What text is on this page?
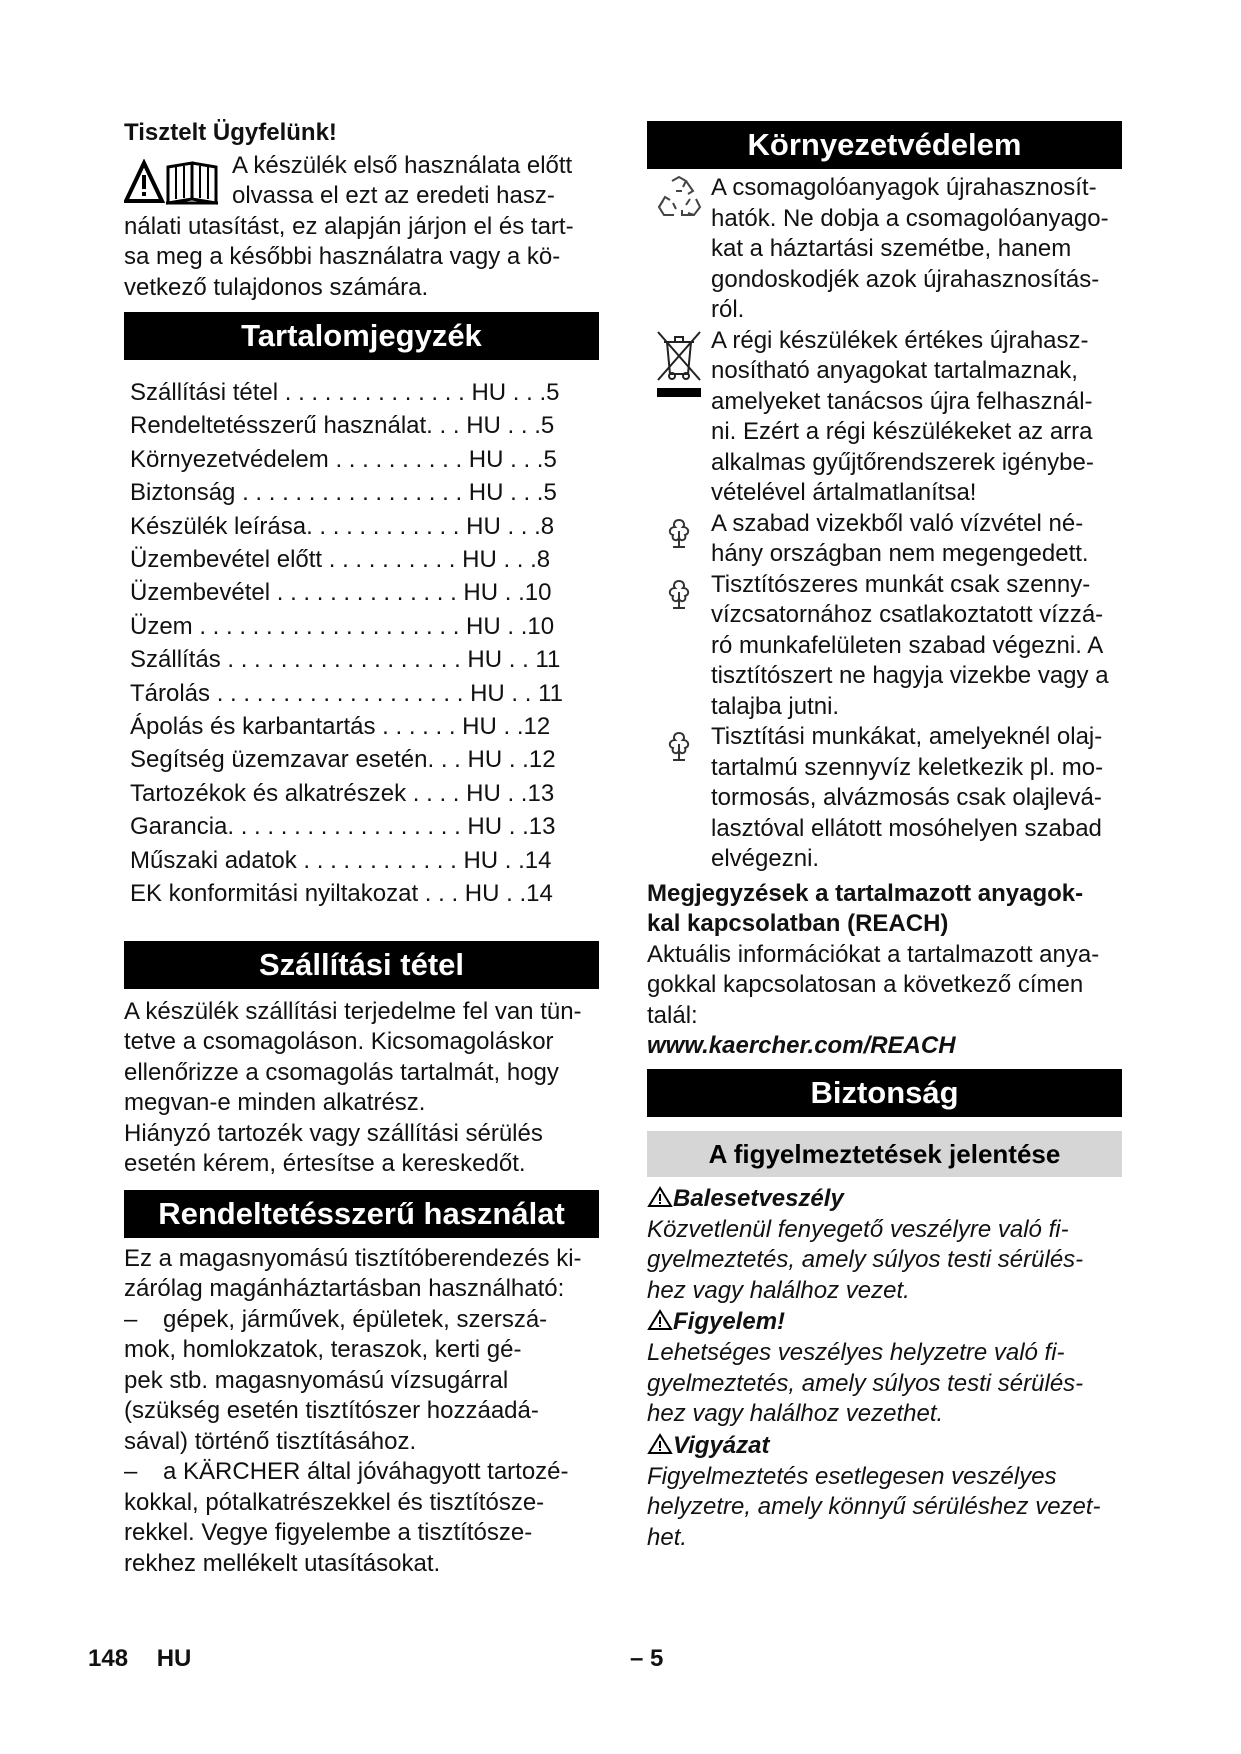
Tisztelt Ügyfelünk!

A készülék első használata előtt

olvassa el ezt az eredeti hasz-

nálati utasítást, ez alapján járjon el és tart-

sa meg a későbbi használatra vagy a kö-

vetkező tulajdonos számára.

Tartalomjegyzék
Szállítási tétel . . . . . . . . . . . . . . HU . . .5
Rendeltetésszerű használat. . . HU . . .5
Környezetvédelem . . . . . . . . . . HU . . .5
Biztonság . . . . . . . . . . . . . . . . . HU . . .5
Készülék leírása. . . . . . . . . . . . HU . . .8
Üzembevétel előtt . . . . . . . . . . HU . . .8
Üzembevétel . . . . . . . . . . . . . . HU . .10
Üzem . . . . . . . . . . . . . . . . . . . . HU . .10
Szállítás . . . . . . . . . . . . . . . . . . HU . . 11
Tárolás . . . . . . . . . . . . . . . . . . . HU . . 11
Ápolás és karbantartás . . . . . . HU . .12
Segítség üzemzavar esetén. . . HU . .12
Tartozékok és alkatrészek . . . . HU . .13
Garancia. . . . . . . . . . . . . . . . . . HU . .13
Műszaki adatok . . . . . . . . . . . . HU . .14
EK konformitási nyiltakozat . . . HU . .14
Szállítási tétel

A készülék szállítási terjedelme fel van tün-

tetve a csomagoláson. Kicsomagoláskor

ellenőrizze a csomagolás tartalmát, hogy

megvan-e minden alkatrész.

Hiányzó tartozék vagy szállítási sérülés

esetén kérem, értesítse a kereskedőt.

Rendeltetésszerű használat

Ez a magasnyomású tisztítóberendezés ki-

zárólag magánháztartásban használható:

– gépek, járművek, épületek, szerszá-

mok, homlokzatok, teraszok, kerti gé-

pek stb. magasnyomású vízsugárral

(szükség esetén tisztítószer hozzáadá-

sával) történő tisztításához.

– a KÄRCHER által jóváhagyott tartozé-

kokkal, pótalkatrészekkel és tisztítósze-

rekkel. Vegye figyelembe a tisztítósze-

rekhez mellékelt utasításokat.

Környezetvédelem

A csomagolóanyagok újrahasznosít-

hatók. Ne dobja a csomagolóanyago-

kat a háztartási szemétbe, hanem

gondoskodjék azok újrahasznosítás-

ról.

A régi készülékek értékes újrahasz-

nosítható anyagokat tartalmaznak,

amelyeket tanácsos újra felhasznál-

ni. Ezért a régi készülékeket az arra

alkalmas gyűjtőrendszerek igénybe-

vételével ártalmatlanítsa!

A szabad vizekből való vízvétel né-

hány országban nem megengedett.

Tisztítószeres munkát csak szenny-

vízcsatornához csatlakoztatott vízzá-

ró munkafelületen szabad végezni. A

tisztítószert ne hagyja vizekbe vagy a

talajba jutni.

Tisztítási munkákat, amelyeknél olaj-

tartalmú szennyvíz keletkezik pl. mo-

tormosás, alvázmosás csak olajlevá-

lasztóval ellátott mosóhelyen szabad

elvégezni.

Megjegyzések a tartalmazott anyagok-

kal kapcsolatban (REACH)

Aktuális információkat a tartalmazott anya-

gokkal kapcsolatosan a következő címen

talál:

www.kaercher.com/REACH

Biztonság
A figyelmeztetések jelentése
Balesetveszély

Közvetlenül fenyegető veszélyre való fi-

gyelmeztetés, amely súlyos testi sérülés-

hez vagy halálhoz vezet.

Figyelem!

Lehetséges veszélyes helyzetre való fi-

gyelmeztetés, amely súlyos testi sérülés-

hez vagy halálhoz vezethet.

Vigyázat

Figyelmeztetés esetlegesen veszélyes

helyzetre, amely könnyű sérüléshez vezet-

het.

148 HU	– 5
